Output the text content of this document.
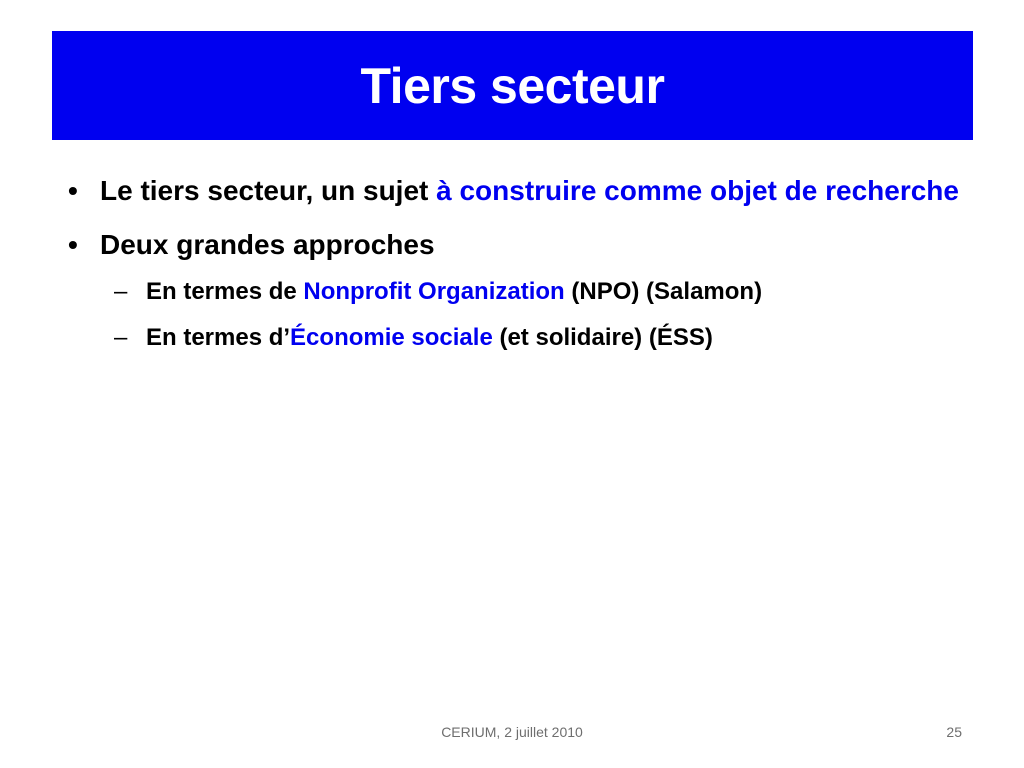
Tiers secteur
• Le tiers secteur, un sujet à construire comme objet de recherche
• Deux grandes approches
– En termes de Nonprofit Organization (NPO) (Salamon)
– En termes d’Économie sociale (et solidaire) (ÉSS)
CERIUM, 2 juillet 2010	25
